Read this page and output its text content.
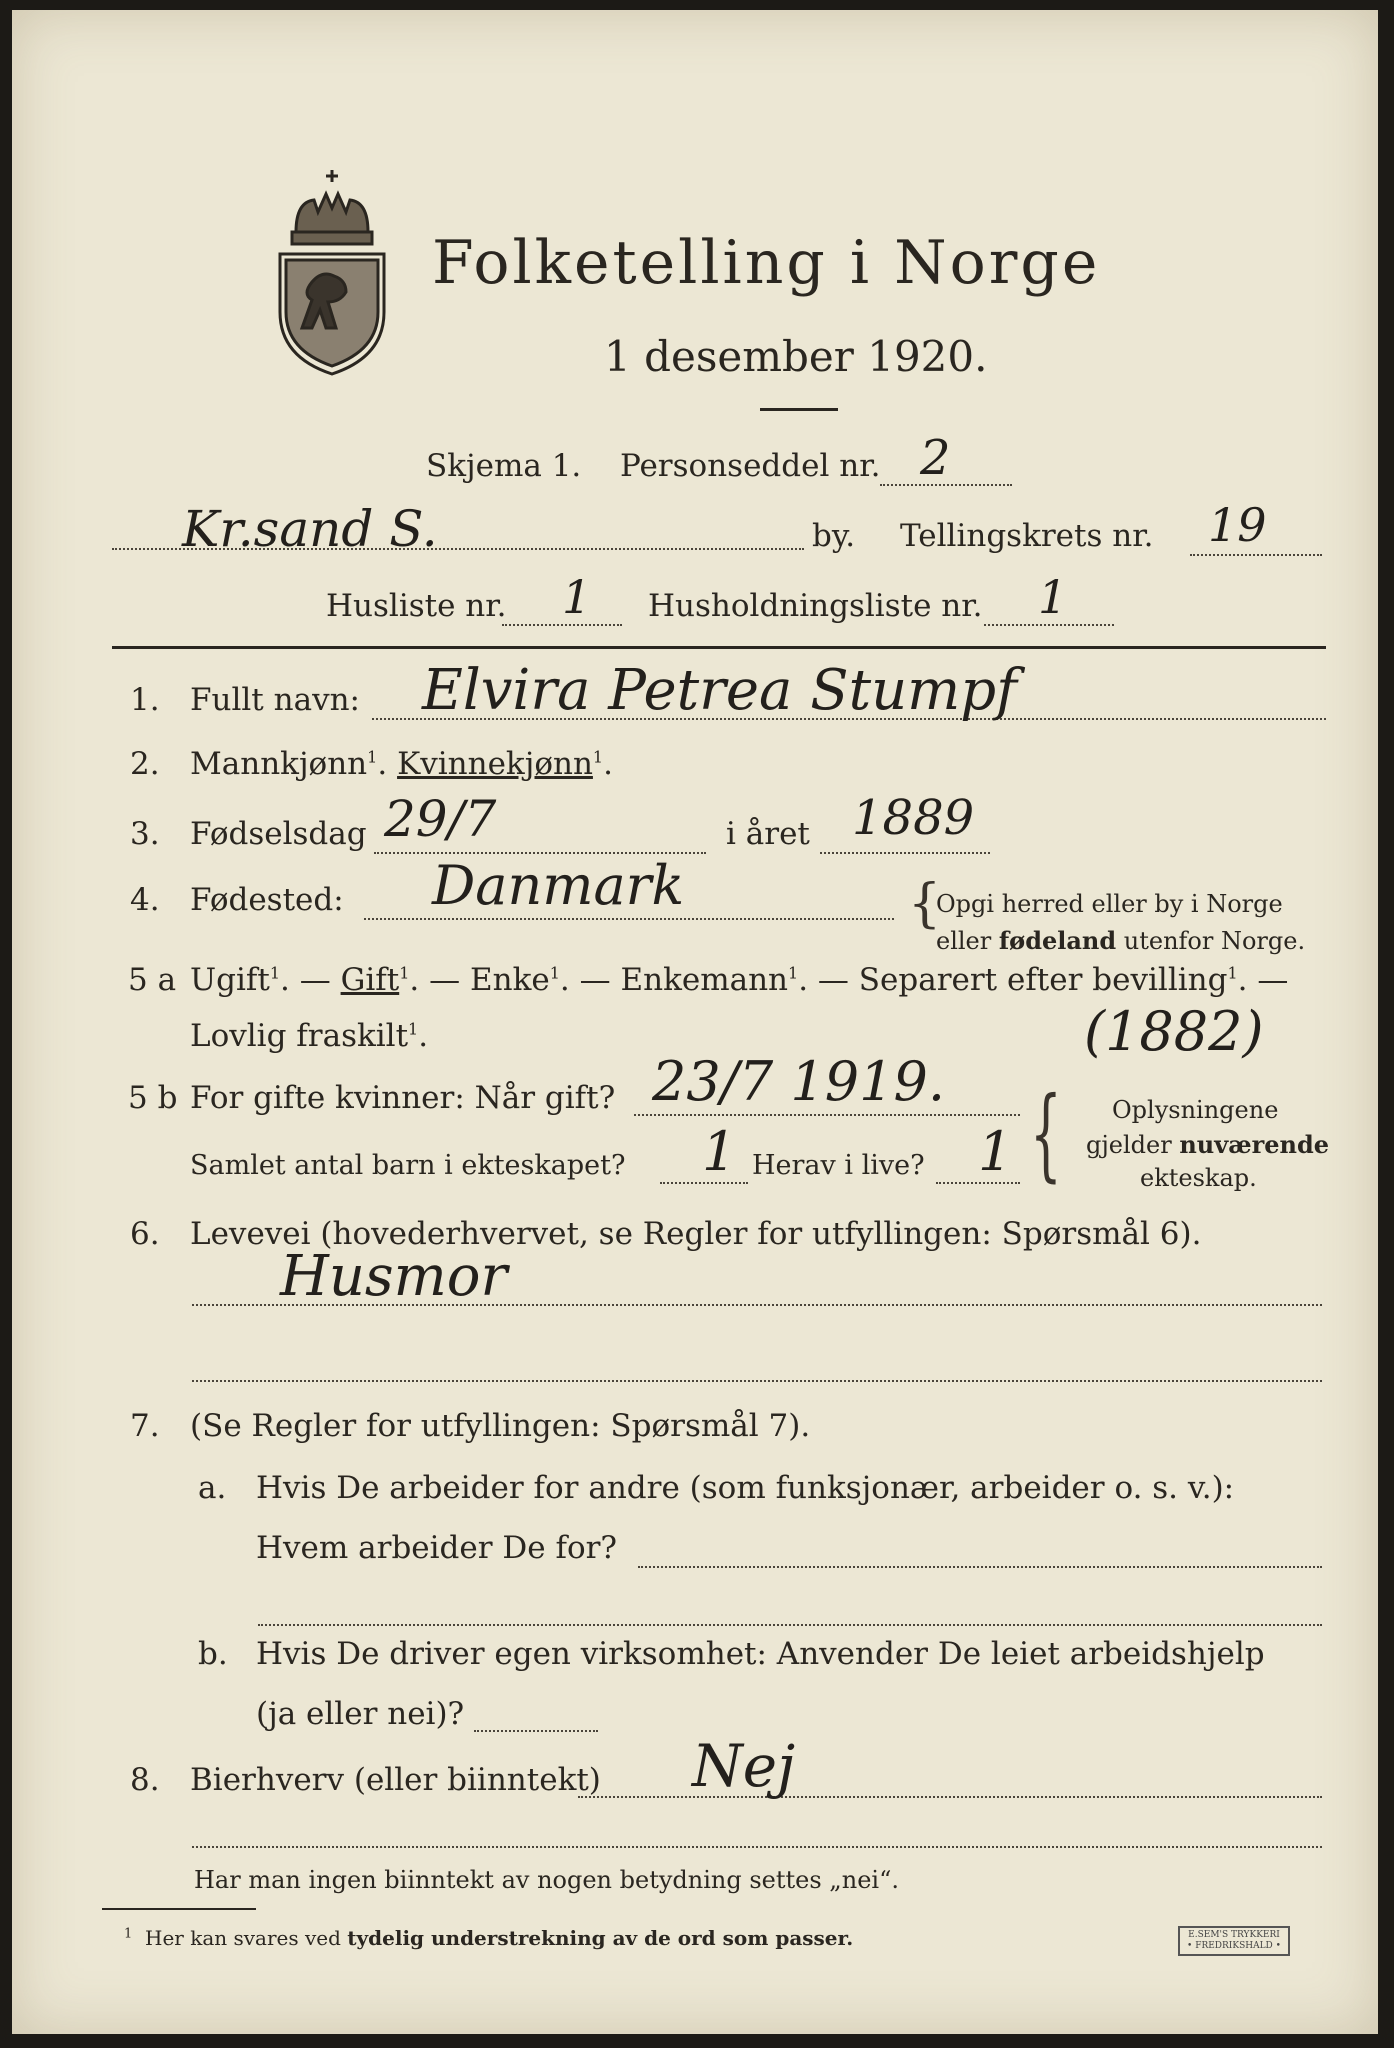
Folketelling i Norge
1 desember 1920.
Skjema 1. Personseddel nr. 2
Kr.sand S.	by. Tellingskrets nr. 19
Husliste nr. 1 Husholdningsliste nr. 1
1. Fullt navn: Elvira Petrea Stumpf
2. Mannkjønn$^1$. Kvinnekjønn$^1$.
3. Fødselsdag 29/7	i året 1889
4. Fødested: Danmark	{
Opgi herred eller by i Norge
eller fødeland utenfor Norge.
5 a Ugift$^1$. — Gift$^1$. — Enke$^1$. — Enkemann$^1$. — Separert efter bevilling$^1$. —
Lovlig fraskilt$^1$.	(1882)
5 b For gifte kvinner: Når gift? 23/7 1919.
Samlet antal barn i ekteskapet? 1 Herav i live? 1 { Oplysningene
gjelder nuværende
ekteskap.
6. Levevei (hovederhvervet, se Regler for utfyllingen: Spørsmål 6).
Husmor
7. (Se Regler for utfyllingen: Spørsmål 7).
a. Hvis De arbeider for andre (som funksjonær, arbeider o. s. v.):
Hvem arbeider De for?
b. Hvis De driver egen virksomhet: Anvender De leiet arbeidshjelp
(ja eller nei)?
8. Bierhverv (eller biinntekt) Nej
Har man ingen biinntekt av nogen betydning settes „nei“.
$^1$ Her kan svares ved tydelig understrekning av de ord som passer.	E.SEM'S TRYKKERI
• FREDRIKSHALD •
